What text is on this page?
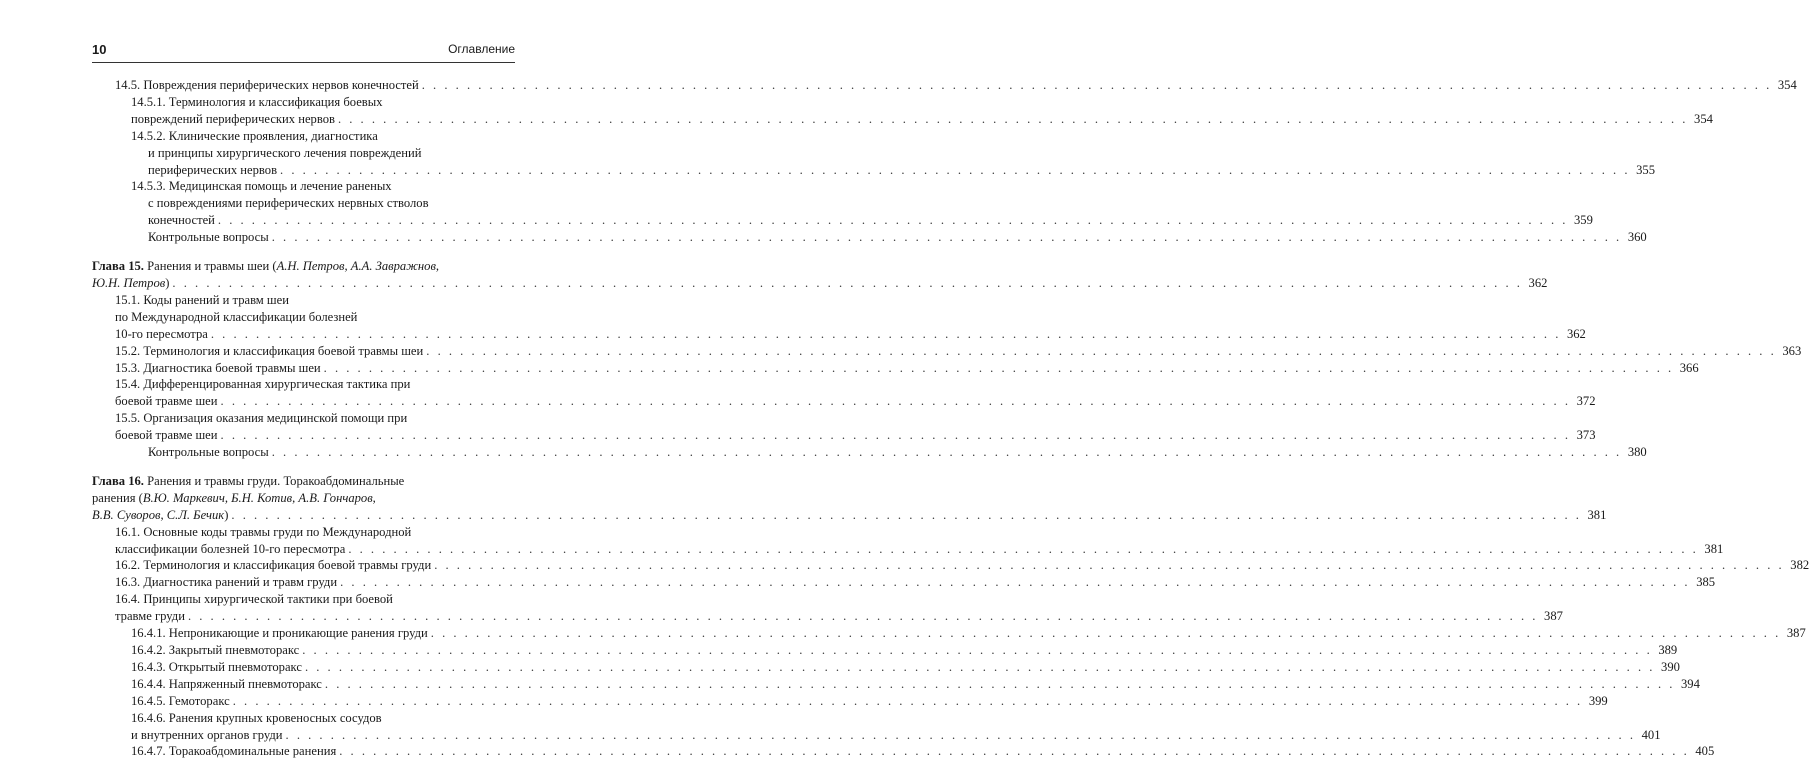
10	Оглавление
14.5. Повреждения периферических нервов конечностей . . . . . . . . . . . . . . . . . . . . . . . . . . . . . . . . . . . . . . . . . . . . . . . . . . . . . . . . . . . . . . . . . . . . . . . . . . . . . . . . . . . . . . . . . . . . . . . . . . . . . . . . . . . . . . . . . . . . . . . . 354
14.5.1. Терминология и классификация боевых
повреждений периферических нервов . . . . . . . . . . . . . . . . . . . . . . . . . . . . . . . . . . . . . . . . . . . . . . . . . . . . . . . . . . . . . . . . . . . . . . . . . . . . . . . . . . . . . . . . . . . . . . . . . . . . . . . . . . . . . . . . . . . . . . . . 354
14.5.2. Клинические проявления, диагностика
и принципы хирургического лечения повреждений
периферических нервов . . . . . . . . . . . . . . . . . . . . . . . . . . . . . . . . . . . . . . . . . . . . . . . . . . . . . . . . . . . . . . . . . . . . . . . . . . . . . . . . . . . . . . . . . . . . . . . . . . . . . . . . . . . . . . . . . . . . . . . . 355
14.5.3. Медицинская помощь и лечение раненых
с повреждениями периферических нервных стволов
конечностей . . . . . . . . . . . . . . . . . . . . . . . . . . . . . . . . . . . . . . . . . . . . . . . . . . . . . . . . . . . . . . . . . . . . . . . . . . . . . . . . . . . . . . . . . . . . . . . . . . . . . . . . . . . . . . . . . . . . . . . . 359
Контрольные вопросы . . . . . . . . . . . . . . . . . . . . . . . . . . . . . . . . . . . . . . . . . . . . . . . . . . . . . . . . . . . . . . . . . . . . . . . . . . . . . . . . . . . . . . . . . . . . . . . . . . . . . . . . . . . . . . . . . . . . . . . . 360
Глава 15. Ранения и травмы шеи (А.Н. Петров, А.А. Завражнов,
Ю.Н. Петров) . . . . . . . . . . . . . . . . . . . . . . . . . . . . . . . . . . . . . . . . . . . . . . . . . . . . . . . . . . . . . . . . . . . . . . . . . . . . . . . . . . . . . . . . . . . . . . . . . . . . . . . . . . . . . . . . . . . . . . . . 362
15.1. Коды ранений и травм шеи
по Международной классификации болезней
10-го пересмотра . . . . . . . . . . . . . . . . . . . . . . . . . . . . . . . . . . . . . . . . . . . . . . . . . . . . . . . . . . . . . . . . . . . . . . . . . . . . . . . . . . . . . . . . . . . . . . . . . . . . . . . . . . . . . . . . . . . . . . . . 362
15.2. Терминология и классификация боевой травмы шеи . . . . . . . . . . . . . . . . . . . . . . . . . . . . . . . . . . . . . . . . . . . . . . . . . . . . . . . . . . . . . . . . . . . . . . . . . . . . . . . . . . . . . . . . . . . . . . . . . . . . . . . . . . . . . . . . . . . . . . . . 363
15.3. Диагностика боевой травмы шеи . . . . . . . . . . . . . . . . . . . . . . . . . . . . . . . . . . . . . . . . . . . . . . . . . . . . . . . . . . . . . . . . . . . . . . . . . . . . . . . . . . . . . . . . . . . . . . . . . . . . . . . . . . . . . . . . . . . . . . . . 366
15.4. Дифференцированная хирургическая тактика при
боевой травме шеи . . . . . . . . . . . . . . . . . . . . . . . . . . . . . . . . . . . . . . . . . . . . . . . . . . . . . . . . . . . . . . . . . . . . . . . . . . . . . . . . . . . . . . . . . . . . . . . . . . . . . . . . . . . . . . . . . . . . . . . . 372
15.5. Организация оказания медицинской помощи при
боевой травме шеи . . . . . . . . . . . . . . . . . . . . . . . . . . . . . . . . . . . . . . . . . . . . . . . . . . . . . . . . . . . . . . . . . . . . . . . . . . . . . . . . . . . . . . . . . . . . . . . . . . . . . . . . . . . . . . . . . . . . . . . . 373
Контрольные вопросы . . . . . . . . . . . . . . . . . . . . . . . . . . . . . . . . . . . . . . . . . . . . . . . . . . . . . . . . . . . . . . . . . . . . . . . . . . . . . . . . . . . . . . . . . . . . . . . . . . . . . . . . . . . . . . . . . . . . . . . . 380
Глава 16. Ранения и травмы груди. Торакоабдоминальные
ранения (В.Ю. Маркевич, Б.Н. Котив, А.В. Гончаров,
В.В. Суворов, С.Л. Бечик) . . . . . . . . . . . . . . . . . . . . . . . . . . . . . . . . . . . . . . . . . . . . . . . . . . . . . . . . . . . . . . . . . . . . . . . . . . . . . . . . . . . . . . . . . . . . . . . . . . . . . . . . . . . . . . . . . . . . . . . . 381
16.1. Основные коды травмы груди по Международной
классификации болезней 10-го пересмотра . . . . . . . . . . . . . . . . . . . . . . . . . . . . . . . . . . . . . . . . . . . . . . . . . . . . . . . . . . . . . . . . . . . . . . . . . . . . . . . . . . . . . . . . . . . . . . . . . . . . . . . . . . . . . . . . . . . . . . . . 381
16.2. Терминология и классификация боевой травмы груди . . . . . . . . . . . . . . . . . . . . . . . . . . . . . . . . . . . . . . . . . . . . . . . . . . . . . . . . . . . . . . . . . . . . . . . . . . . . . . . . . . . . . . . . . . . . . . . . . . . . . . . . . . . . . . . . . . . . . . . . 382
16.3. Диагностика ранений и травм груди . . . . . . . . . . . . . . . . . . . . . . . . . . . . . . . . . . . . . . . . . . . . . . . . . . . . . . . . . . . . . . . . . . . . . . . . . . . . . . . . . . . . . . . . . . . . . . . . . . . . . . . . . . . . . . . . . . . . . . . . 385
16.4. Принципы хирургической тактики при боевой
травме груди . . . . . . . . . . . . . . . . . . . . . . . . . . . . . . . . . . . . . . . . . . . . . . . . . . . . . . . . . . . . . . . . . . . . . . . . . . . . . . . . . . . . . . . . . . . . . . . . . . . . . . . . . . . . . . . . . . . . . . . . 387
16.4.1. Непроникающие и проникающие ранения груди . . . . . . . . . . . . . . . . . . . . . . . . . . . . . . . . . . . . . . . . . . . . . . . . . . . . . . . . . . . . . . . . . . . . . . . . . . . . . . . . . . . . . . . . . . . . . . . . . . . . . . . . . . . . . . . . . . . . . . . . 387
16.4.2. Закрытый пневмоторакс . . . . . . . . . . . . . . . . . . . . . . . . . . . . . . . . . . . . . . . . . . . . . . . . . . . . . . . . . . . . . . . . . . . . . . . . . . . . . . . . . . . . . . . . . . . . . . . . . . . . . . . . . . . . . . . . . . . . . . . . 389
16.4.3. Открытый пневмоторакс . . . . . . . . . . . . . . . . . . . . . . . . . . . . . . . . . . . . . . . . . . . . . . . . . . . . . . . . . . . . . . . . . . . . . . . . . . . . . . . . . . . . . . . . . . . . . . . . . . . . . . . . . . . . . . . . . . . . . . . . 390
16.4.4. Напряженный пневмоторакс . . . . . . . . . . . . . . . . . . . . . . . . . . . . . . . . . . . . . . . . . . . . . . . . . . . . . . . . . . . . . . . . . . . . . . . . . . . . . . . . . . . . . . . . . . . . . . . . . . . . . . . . . . . . . . . . . . . . . . . . 394
16.4.5. Гемоторакс . . . . . . . . . . . . . . . . . . . . . . . . . . . . . . . . . . . . . . . . . . . . . . . . . . . . . . . . . . . . . . . . . . . . . . . . . . . . . . . . . . . . . . . . . . . . . . . . . . . . . . . . . . . . . . . . . . . . . . . . 399
16.4.6. Ранения крупных кровеносных сосудов
и внутренних органов груди . . . . . . . . . . . . . . . . . . . . . . . . . . . . . . . . . . . . . . . . . . . . . . . . . . . . . . . . . . . . . . . . . . . . . . . . . . . . . . . . . . . . . . . . . . . . . . . . . . . . . . . . . . . . . . . . . . . . . . . . 401
16.4.7. Торакоабдоминальные ранения . . . . . . . . . . . . . . . . . . . . . . . . . . . . . . . . . . . . . . . . . . . . . . . . . . . . . . . . . . . . . . . . . . . . . . . . . . . . . . . . . . . . . . . . . . . . . . . . . . . . . . . . . . . . . . . . . . . . . . . . 405
